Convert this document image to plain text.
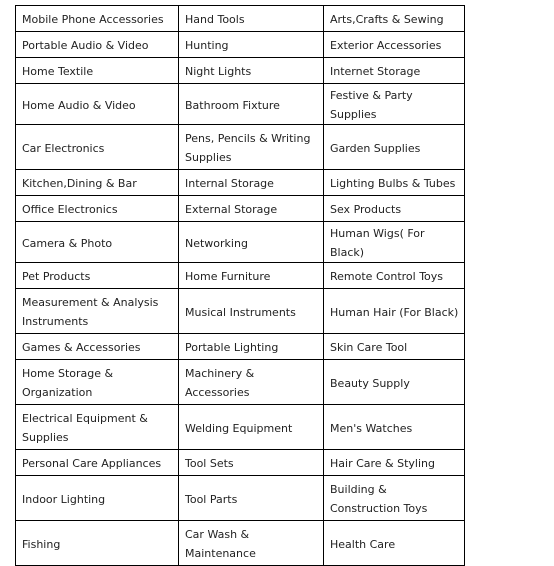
Mobile Phone Accessories	Hand Tools	Arts,Crafts & Sewing
Portable Audio & Video	Hunting	Exterior Accessories
Home Textile	Night Lights	Internet Storage
Home Audio & Video	Bathroom Fixture	Festive & Party Supplies
Car Electronics	Pens, Pencils & Writing Supplies	Garden Supplies
Kitchen,Dining & Bar	Internal Storage	Lighting Bulbs & Tubes
Office Electronics	External Storage	Sex Products
Camera & Photo	Networking	Human Wigs( For Black)
Pet Products	Home Furniture	Remote Control Toys
Measurement & Analysis Instruments	Musical Instruments	Human Hair (For Black)
Games & Accessories	Portable Lighting	Skin Care Tool
Home Storage & Organization	Machinery & Accessories	Beauty Supply
Electrical Equipment & Supplies	Welding Equipment	Men's Watches
Personal Care Appliances	Tool Sets	Hair Care & Styling
Indoor Lighting	Tool Parts	Building & Construction Toys
Fishing	Car Wash & Maintenance	Health Care
